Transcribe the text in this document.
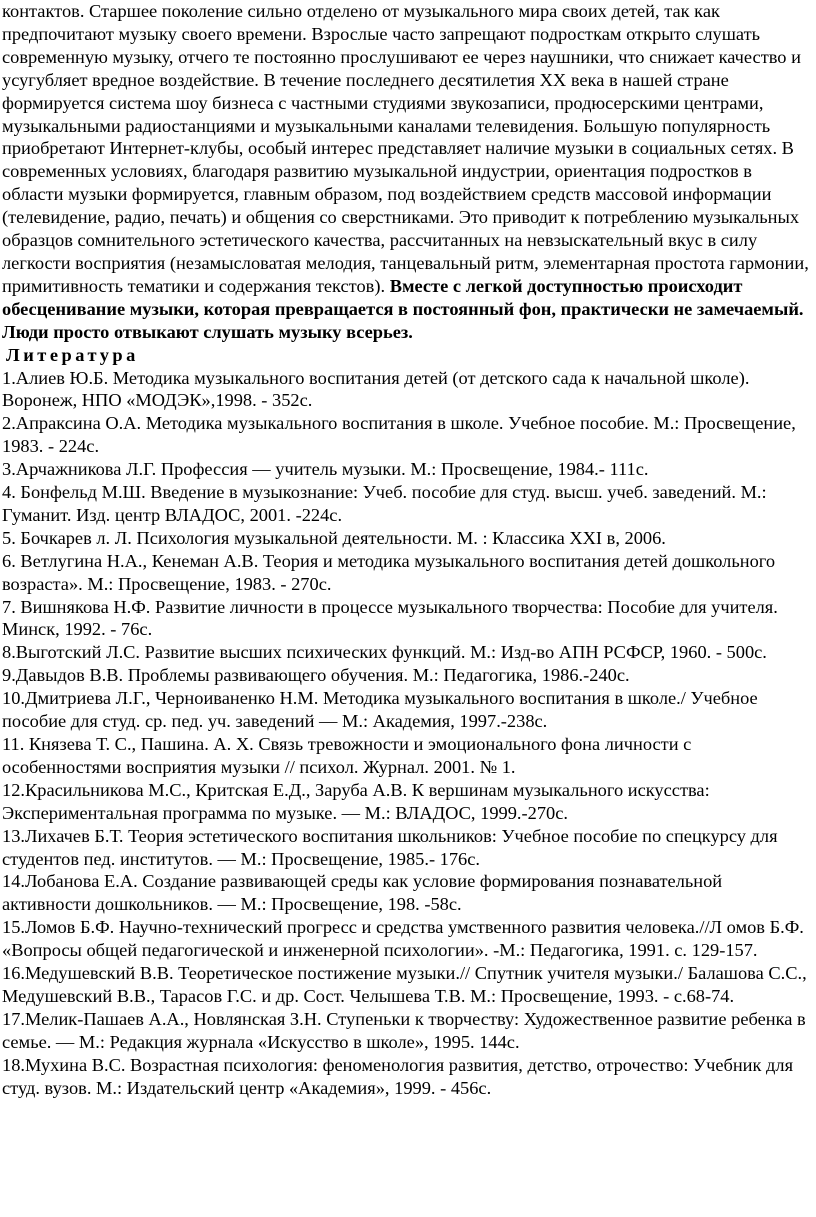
контактов. Старшее поколение сильно отделено от музыкального мира своих детей, так как предпочитают музыку своего времени. Взрослые часто запрещают подросткам открыто слушать современную музыку, отчего те постоянно прослушивают ее через наушники, что снижает качество и усугубляет вредное воздействие. В течение последнего десятилетия ХХ века в нашей стране формируется система шоу бизнеса с частными студиями звукозаписи, продюсерскими центрами, музыкальными радиостанциями и музыкальными каналами телевидения. Большую популярность приобретают Интернет-клубы, особый интерес представляет наличие музыки в социальных сетях. В современных условиях, благодаря развитию музыкальной индустрии, ориентация подростков в области музыки формируется, главным образом, под воздействием средств массовой информации (телевидение, радио, печать) и общения со сверстниками. Это приводит к потреблению музыкальных образцов сомнительного эстетического качества, рассчитанных на невзыскательный вкус в силу легкости восприятия (незамысловатая мелодия, танцевальный ритм, элементарная простота гармонии, примитивность тематики и содержания текстов). Вместе с легкой доступностью происходит обесценивание музыки, которая превращается в постоянный фон, практически не замечаемый. Люди просто отвыкают слушать музыку всерьез.

Литература

1.Алиев Ю.Б. Методика музыкального воспитания детей (от детского сада к начальной школе). Воронеж, НПО «МОДЭК»,1998. - 352с.
2.Апраксина О.А. Методика музыкального воспитания в школе. Учебное пособие. М.: Просвещение, 1983. - 224с.
3.Арчажникова Л.Г. Профессия — учитель музыки. М.: Просвещение, 1984.- 111с.
4. Бонфельд М.Ш. Введение в музыкознание: Учеб. пособие для студ. высш. учеб. заведений. М.: Гуманит. Изд. центр ВЛАДОС, 2001. -224с.
5. Бочкарев л. Л. Психология музыкальной деятельности. М. : Классика XXI в, 2006.
6. Ветлугина Н.А., Кенеман А.В. Теория и методика музыкального воспитания детей дошкольного возраста». М.: Просвещение, 1983. - 270с.
7. Вишнякова Н.Ф. Развитие личности в процессе музыкального творчества: Пособие для учителя. Минск, 1992. - 76с.
8.Выготский Л.С. Развитие высших психических функций. М.: Изд-во АПН РСФСР, 1960. - 500с.
9.Давыдов В.В. Проблемы развивающего обучения. М.: Педагогика, 1986.-240с.
10.Дмитриева Л.Г., Черноиваненко Н.М. Методика музыкального воспитания в школе./ Учебное пособие для студ. ср. пед. уч. заведений — М.: Академия, 1997.-238с.
11. Князева Т. С., Пашина. А. Х. Связь тревожности и эмоционального фона личности с особенностями восприятия музыки // психол. Журнал. 2001. № 1.
12.Красильникова М.С., Критская Е.Д., Заруба А.В. К вершинам музыкального искусства: Экспериментальная программа по музыке. — М.: ВЛАДОС, 1999.-270с.
13.Лихачев Б.Т. Теория эстетического воспитания школьников: Учебное пособие по спецкурсу для студентов пед. институтов. — М.: Просвещение, 1985.- 176с.
14.Лобанова Е.А. Создание развивающей среды как условие формирования познавательной активности дошкольников. — М.: Просвещение, 198. -58с.
15.Ломов Б.Ф. Научно-технический прогресс и средства умственного развития человека.//Л омов Б.Ф. «Вопросы общей педагогической и инженерной психологии». -М.: Педагогика, 1991. с. 129-157.
16.Медушевский В.В. Теоретическое постижение музыки.// Спутник учителя музыки./ Балашова С.С., Медушевский В.В., Тарасов Г.С. и др. Сост. Челышева Т.В. М.: Просвещение, 1993. - с.68-74.
17.Мелик-Пашаев А.А., Новлянская З.Н. Ступеньки к творчеству: Художественное развитие ребенка в семье. — М.: Редакция журнала «Искусство в школе», 1995. 144с.
18.Мухина В.С. Возрастная психология: феноменология развития, детство, отрочество: Учебник для студ. вузов. М.: Издательский центр «Академия», 1999. - 456с.
